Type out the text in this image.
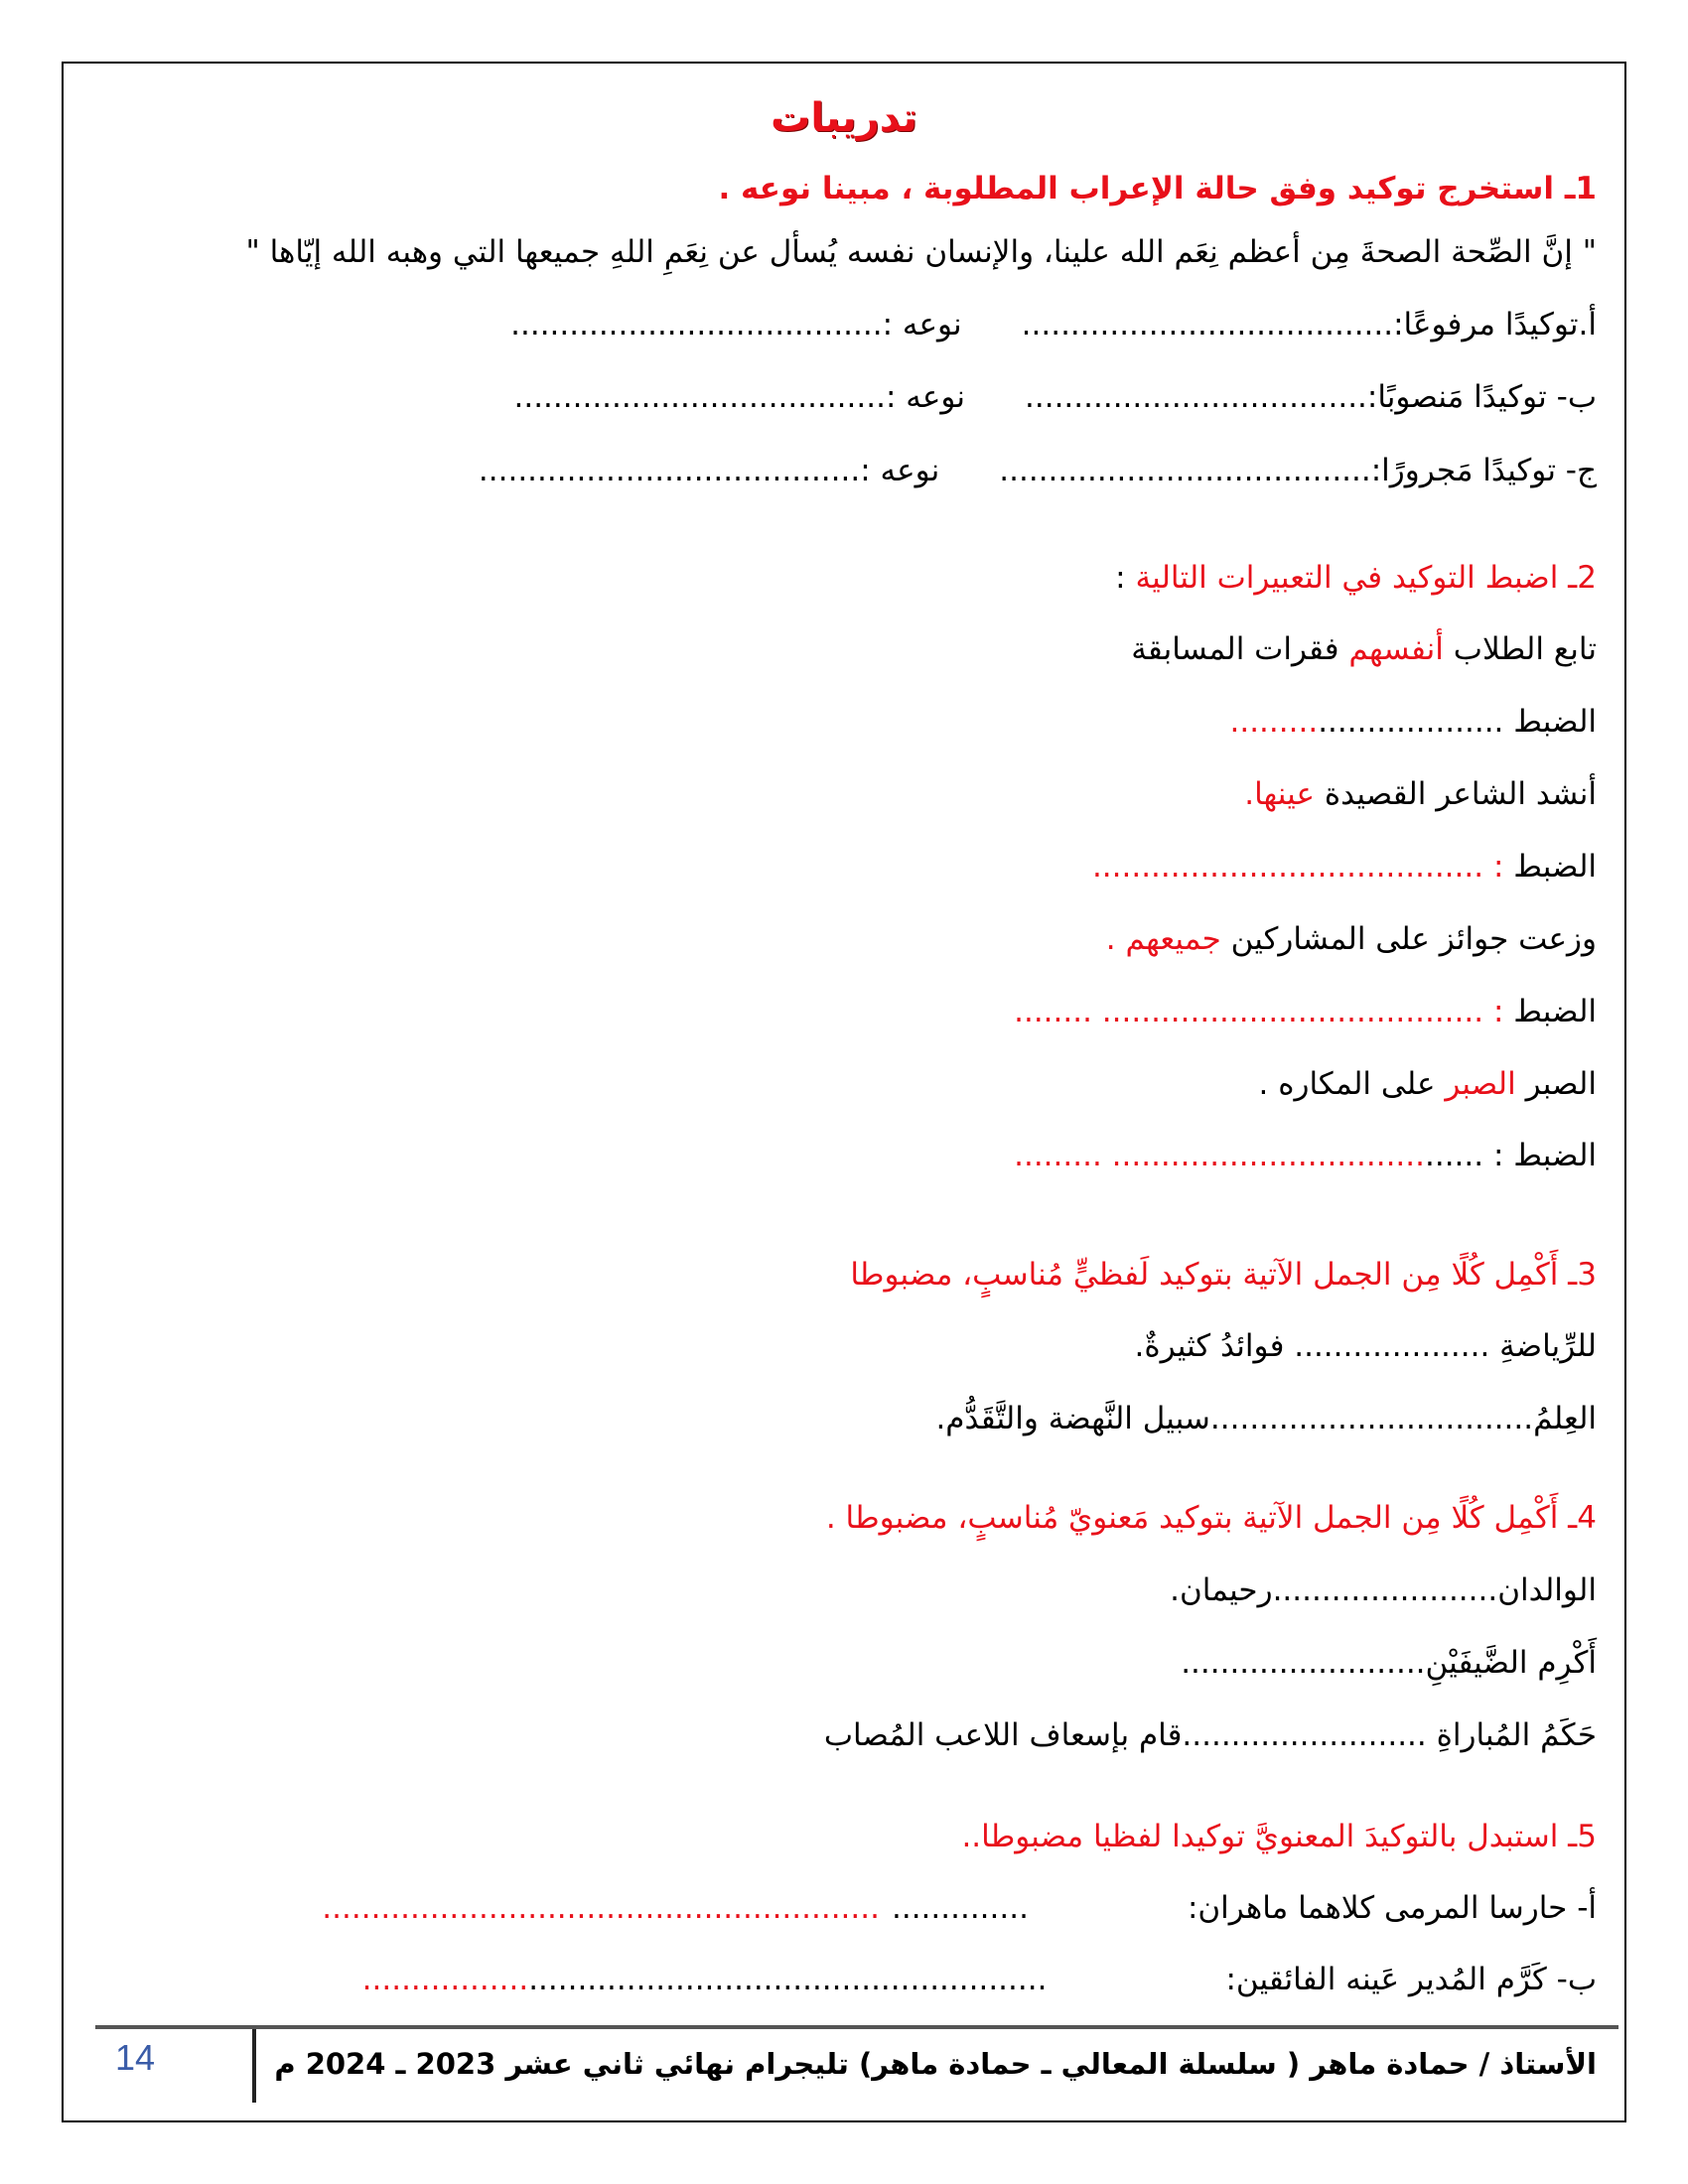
تدريبات
1ـ استخرج توكيد وفق حالة الإعراب المطلوبة ، مبينا نوعه .
" إنَّ الصِّحة الصحةَ مِن أعظم نِعَم الله علينا، والإنسان نفسه يُسأل عن نِعَمِ اللهِ جميعها التي وهبه الله إيّاها "
أ.توكيدًا مرفوعًا:......................................نوعه :......................................
ب- توكيدًا مَنصوبًا:...................................نوعه :......................................
ج- توكيدًا مَجرورًا:......................................نوعه :.......................................
2ـ اضبط التوكيد في التعبيرات التالية :
تابع الطلاب أنفسهم فقرات المسابقة
الضبط ............................
أنشد الشاعر القصيدة عينها.
الضبط : ........................................
وزعت جوائز على المشاركين جميعهم .
الضبط : ....................................... ........
الصبر الصبر على المكاره .
الضبط : ...................................... .........
3ـ أَكْمِل كُلًا مِن الجمل الآتية بتوكيد لَفظيٍّ مُناسبٍ، مضبوطا
للرِّياضةِ .................... فوائدُ كثيرةٌ.
العِلمُ.................................سبيل النَّهضة والتَّقَدُّم.
4ـ أَكْمِل كُلًا مِن الجمل الآتية بتوكيد مَعنويّ مُناسبٍ، مضبوطا .
الوالدان.......................رحيمان.
أَكْرِم الضَّيفَيْنِ.........................
حَكَمُ المُباراةِ .........................قام بإسعاف اللاعب المُصاب
5ـ استبدل بالتوكيدَ المعنويَّ توكيدا لفظيا مضبوطا..
أ- حارسا المرمى كلاهما ماهران:.......................................................................
ب- كَرَّم المُدير عَينه الفائقين:......................................................................
الأستاذ / حمادة ماهر ( سلسلة المعالي ـ حمادة ماهر) تليجرام نهائي ثاني عشر 2023 ـ 2024 م
14
